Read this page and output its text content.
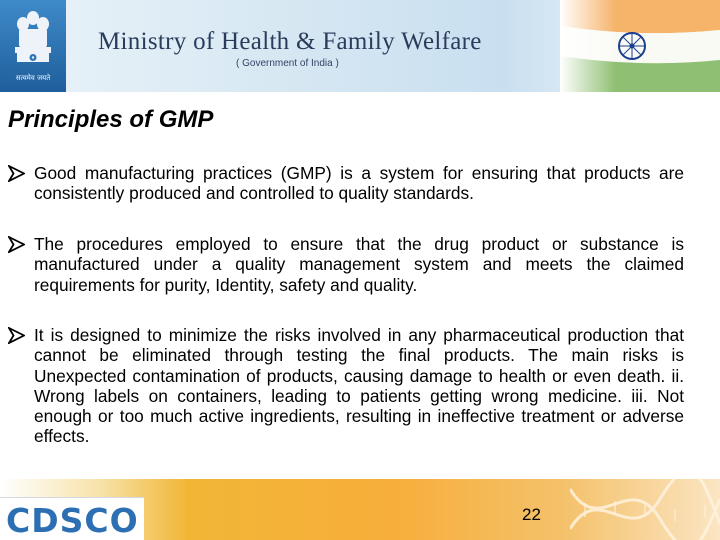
सत्यमेव जयते
Ministry of Health & Family Welfare
( Government of India )
Principles of GMP
Good manufacturing practices (GMP) is a system for ensuring that products are consistently produced and controlled to quality standards.
The procedures employed to ensure that the drug product or substance is manufactured under a quality management system and meets the claimed requirements for purity, Identity, safety and quality.
It is designed to minimize the risks involved in any pharmaceutical production that cannot be eliminated through testing the final products. The main risks is Unexpected contamination of products, causing damage to health or even death. ii. Wrong labels on containers, leading to patients getting wrong medicine. iii. Not enough or too much active ingredients, resulting in ineffective treatment or adverse effects.
CDSCO	22
